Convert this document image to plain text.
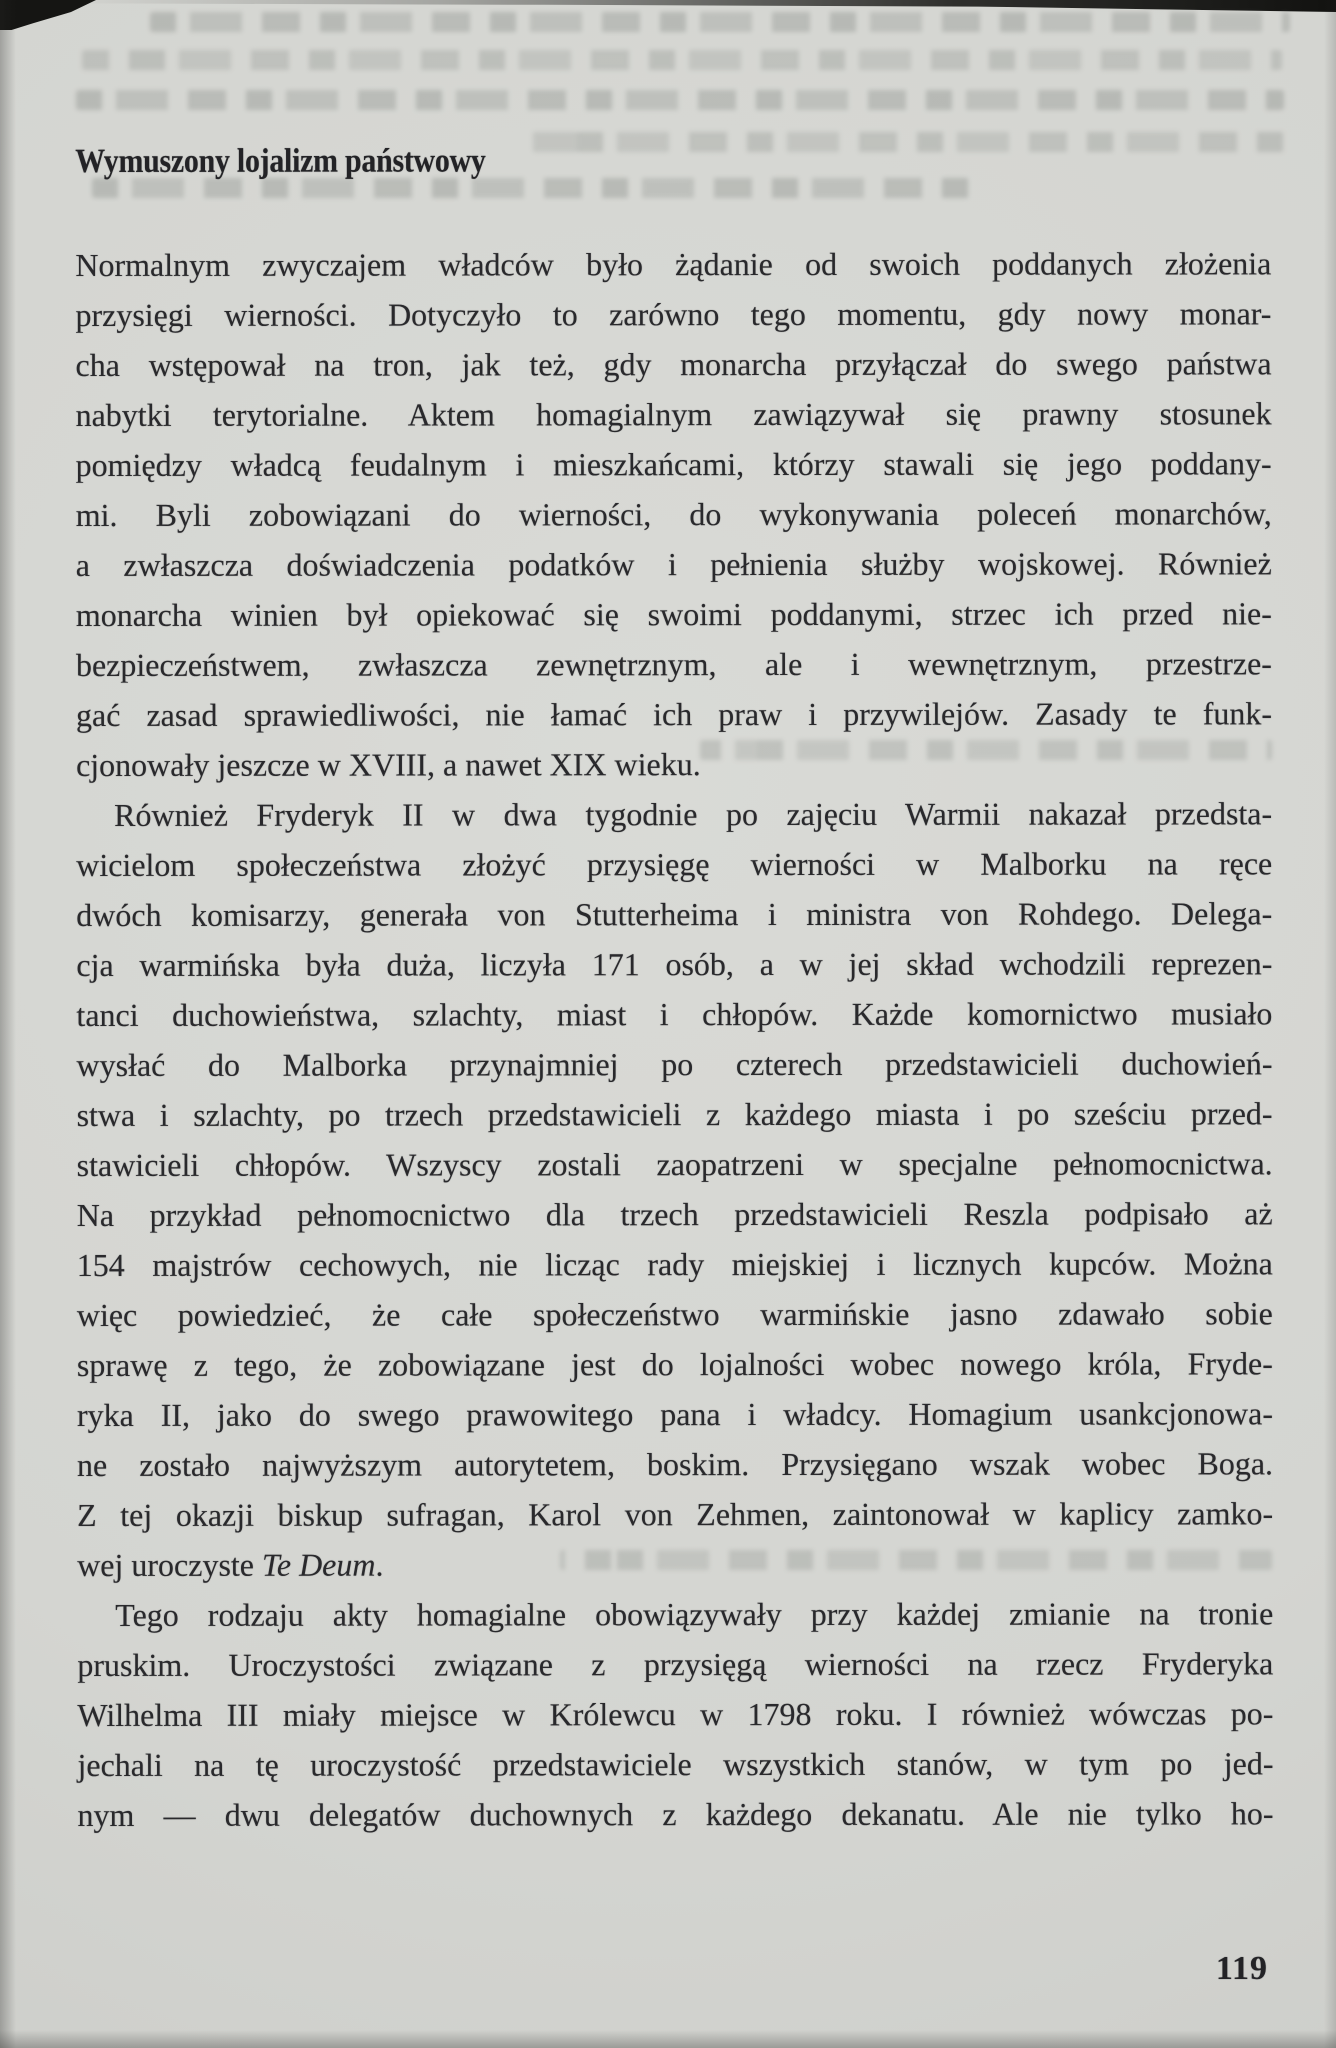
Wymuszony lojalizm państwowy
Normalnym zwyczajem władców było żądanie od swoich poddanych złożenia
przysięgi wierności. Dotyczyło to zarówno tego momentu, gdy nowy monar-
cha wstępował na tron, jak też, gdy monarcha przyłączał do swego państwa
nabytki terytorialne. Aktem homagialnym zawiązywał się prawny stosunek
pomiędzy władcą feudalnym i mieszkańcami, którzy stawali się jego poddany-
mi. Byli zobowiązani do wierności, do wykonywania poleceń monarchów,
a zwłaszcza doświadczenia podatków i pełnienia służby wojskowej. Również
monarcha winien był opiekować się swoimi poddanymi, strzec ich przed nie-
bezpieczeństwem, zwłaszcza zewnętrznym, ale i wewnętrznym, przestrze-
gać zasad sprawiedliwości, nie łamać ich praw i przywilejów. Zasady te funk-
cjonowały jeszcze w XVIII, a nawet XIX wieku.
Również Fryderyk II w dwa tygodnie po zajęciu Warmii nakazał przedsta-
wicielom społeczeństwa złożyć przysięgę wierności w Malborku na ręce
dwóch komisarzy, generała von Stutterheima i ministra von Rohdego. Delega-
cja warmińska była duża, liczyła 171 osób, a w jej skład wchodzili reprezen-
tanci duchowieństwa, szlachty, miast i chłopów. Każde komornictwo musiało
wysłać do Malborka przynajmniej po czterech przedstawicieli duchowień-
stwa i szlachty, po trzech przedstawicieli z każdego miasta i po sześciu przed-
stawicieli chłopów. Wszyscy zostali zaopatrzeni w specjalne pełnomocnictwa.
Na przykład pełnomocnictwo dla trzech przedstawicieli Reszla podpisało aż
154 majstrów cechowych, nie licząc rady miejskiej i licznych kupców. Można
więc powiedzieć, że całe społeczeństwo warmińskie jasno zdawało sobie
sprawę z tego, że zobowiązane jest do lojalności wobec nowego króla, Fryde-
ryka II, jako do swego prawowitego pana i władcy. Homagium usankcjonowa-
ne zostało najwyższym autorytetem, boskim. Przysięgano wszak wobec Boga.
Z tej okazji biskup sufragan, Karol von Zehmen, zaintonował w kaplicy zamko-
wej uroczyste Te Deum.
Tego rodzaju akty homagialne obowiązywały przy każdej zmianie na tronie
pruskim. Uroczystości związane z przysięgą wierności na rzecz Fryderyka
Wilhelma III miały miejsce w Królewcu w 1798 roku. I również wówczas po-
jechali na tę uroczystość przedstawiciele wszystkich stanów, w tym po jed-
nym — dwu delegatów duchownych z każdego dekanatu. Ale nie tylko ho-
119
